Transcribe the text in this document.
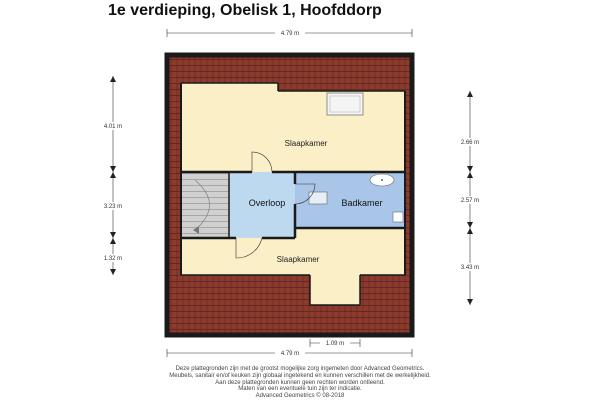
1e verdieping, Obelisk 1, Hoofddorp
Slaapkamer
Overloop	Badkamer
Slaapkamer
4.79 m
4.79 m
1.09 m
4.01 m
3.23 m
1.32 m
2.66 m
2.57 m
3.43 m
Deze plattegronden zijn met de grootst mogelijke zorg ingemeten door Advanced Geometrics.
Meubels, sanitair en/of keuken zijn globaal ingetekend en kunnen verschillen met de werkelijkheid.
Aan deze plattegronden kunnen geen rechten worden ontleend.
Maten van een eventuele tuin zijn ter indicatie.
Advanced Geometrics © 08-2018
